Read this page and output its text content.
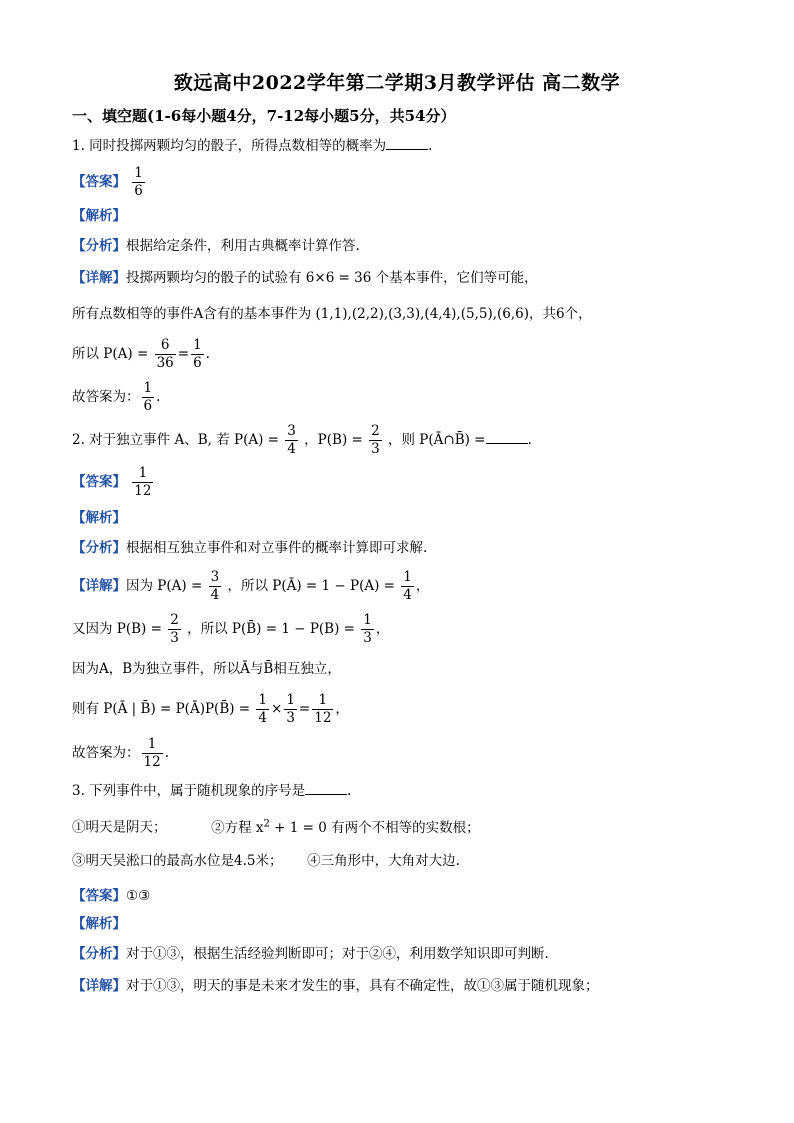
致远高中2022学年第二学期3月教学评估 高二数学
一、填空题(1-6每小题4分，7-12每小题5分，共54分）
1. 同时投掷两颗均匀的骰子，所得点数相等的概率为	.
【答案】 $\frac{1}{6}$
【解析】
【分析】根据给定条件，利用古典概率计算作答.
【详解】投掷两颗均匀的骰子的试验有 6×6 = 36 个基本事件，它们等可能，
所有点数相等的事件A含有的基本事件为 (1,1),(2,2),(3,3),(4,4),(5,5),(6,6)，共6个，
所以 $P(A) = \frac{6}{36} = \frac{1}{6}$ .
故答案为： $\frac{1}{6}$ .
2. 对于独立事件 A、B, 若 $P(A) = \frac{3}{4}$ ，$P(B) = \frac{2}{3}$ ，则 P(Ā∩B̄) =	.
【答案】 $\frac{1}{12}$
【解析】
【分析】根据相互独立事件和对立事件的概率计算即可求解.
【详解】因为 $P(A) = \frac{3}{4}$ ，所以 P(Ā) = $1 - P(A) = \frac{1}{4}$ ，
又因为 $P(B) = \frac{2}{3}$ ，所以 P(B̄) = $1 - P(B) = \frac{1}{3}$ ，
因为A，B为独立事件，所以Ā与B̄相互独立，
则有 P(Ā | B̄) = P(Ā)P(B̄) = $\frac{1}{4} \times \frac{1}{3} = \frac{1}{12}$ ，
故答案为： $\frac{1}{12}$ .
3. 下列事件中，属于随机现象的序号是	.
①明天是阴天；	②方程 $x^2 + 1 = 0$ 有两个不相等的实数根；
③明天吴淞口的最高水位是4.5米； ④三角形中，大角对大边.
【答案】①③
【解析】
【分析】对于①③，根据生活经验判断即可；对于②④，利用数学知识即可判断.
【详解】对于①③，明天的事是未来才发生的事，具有不确定性，故①③属于随机现象；
